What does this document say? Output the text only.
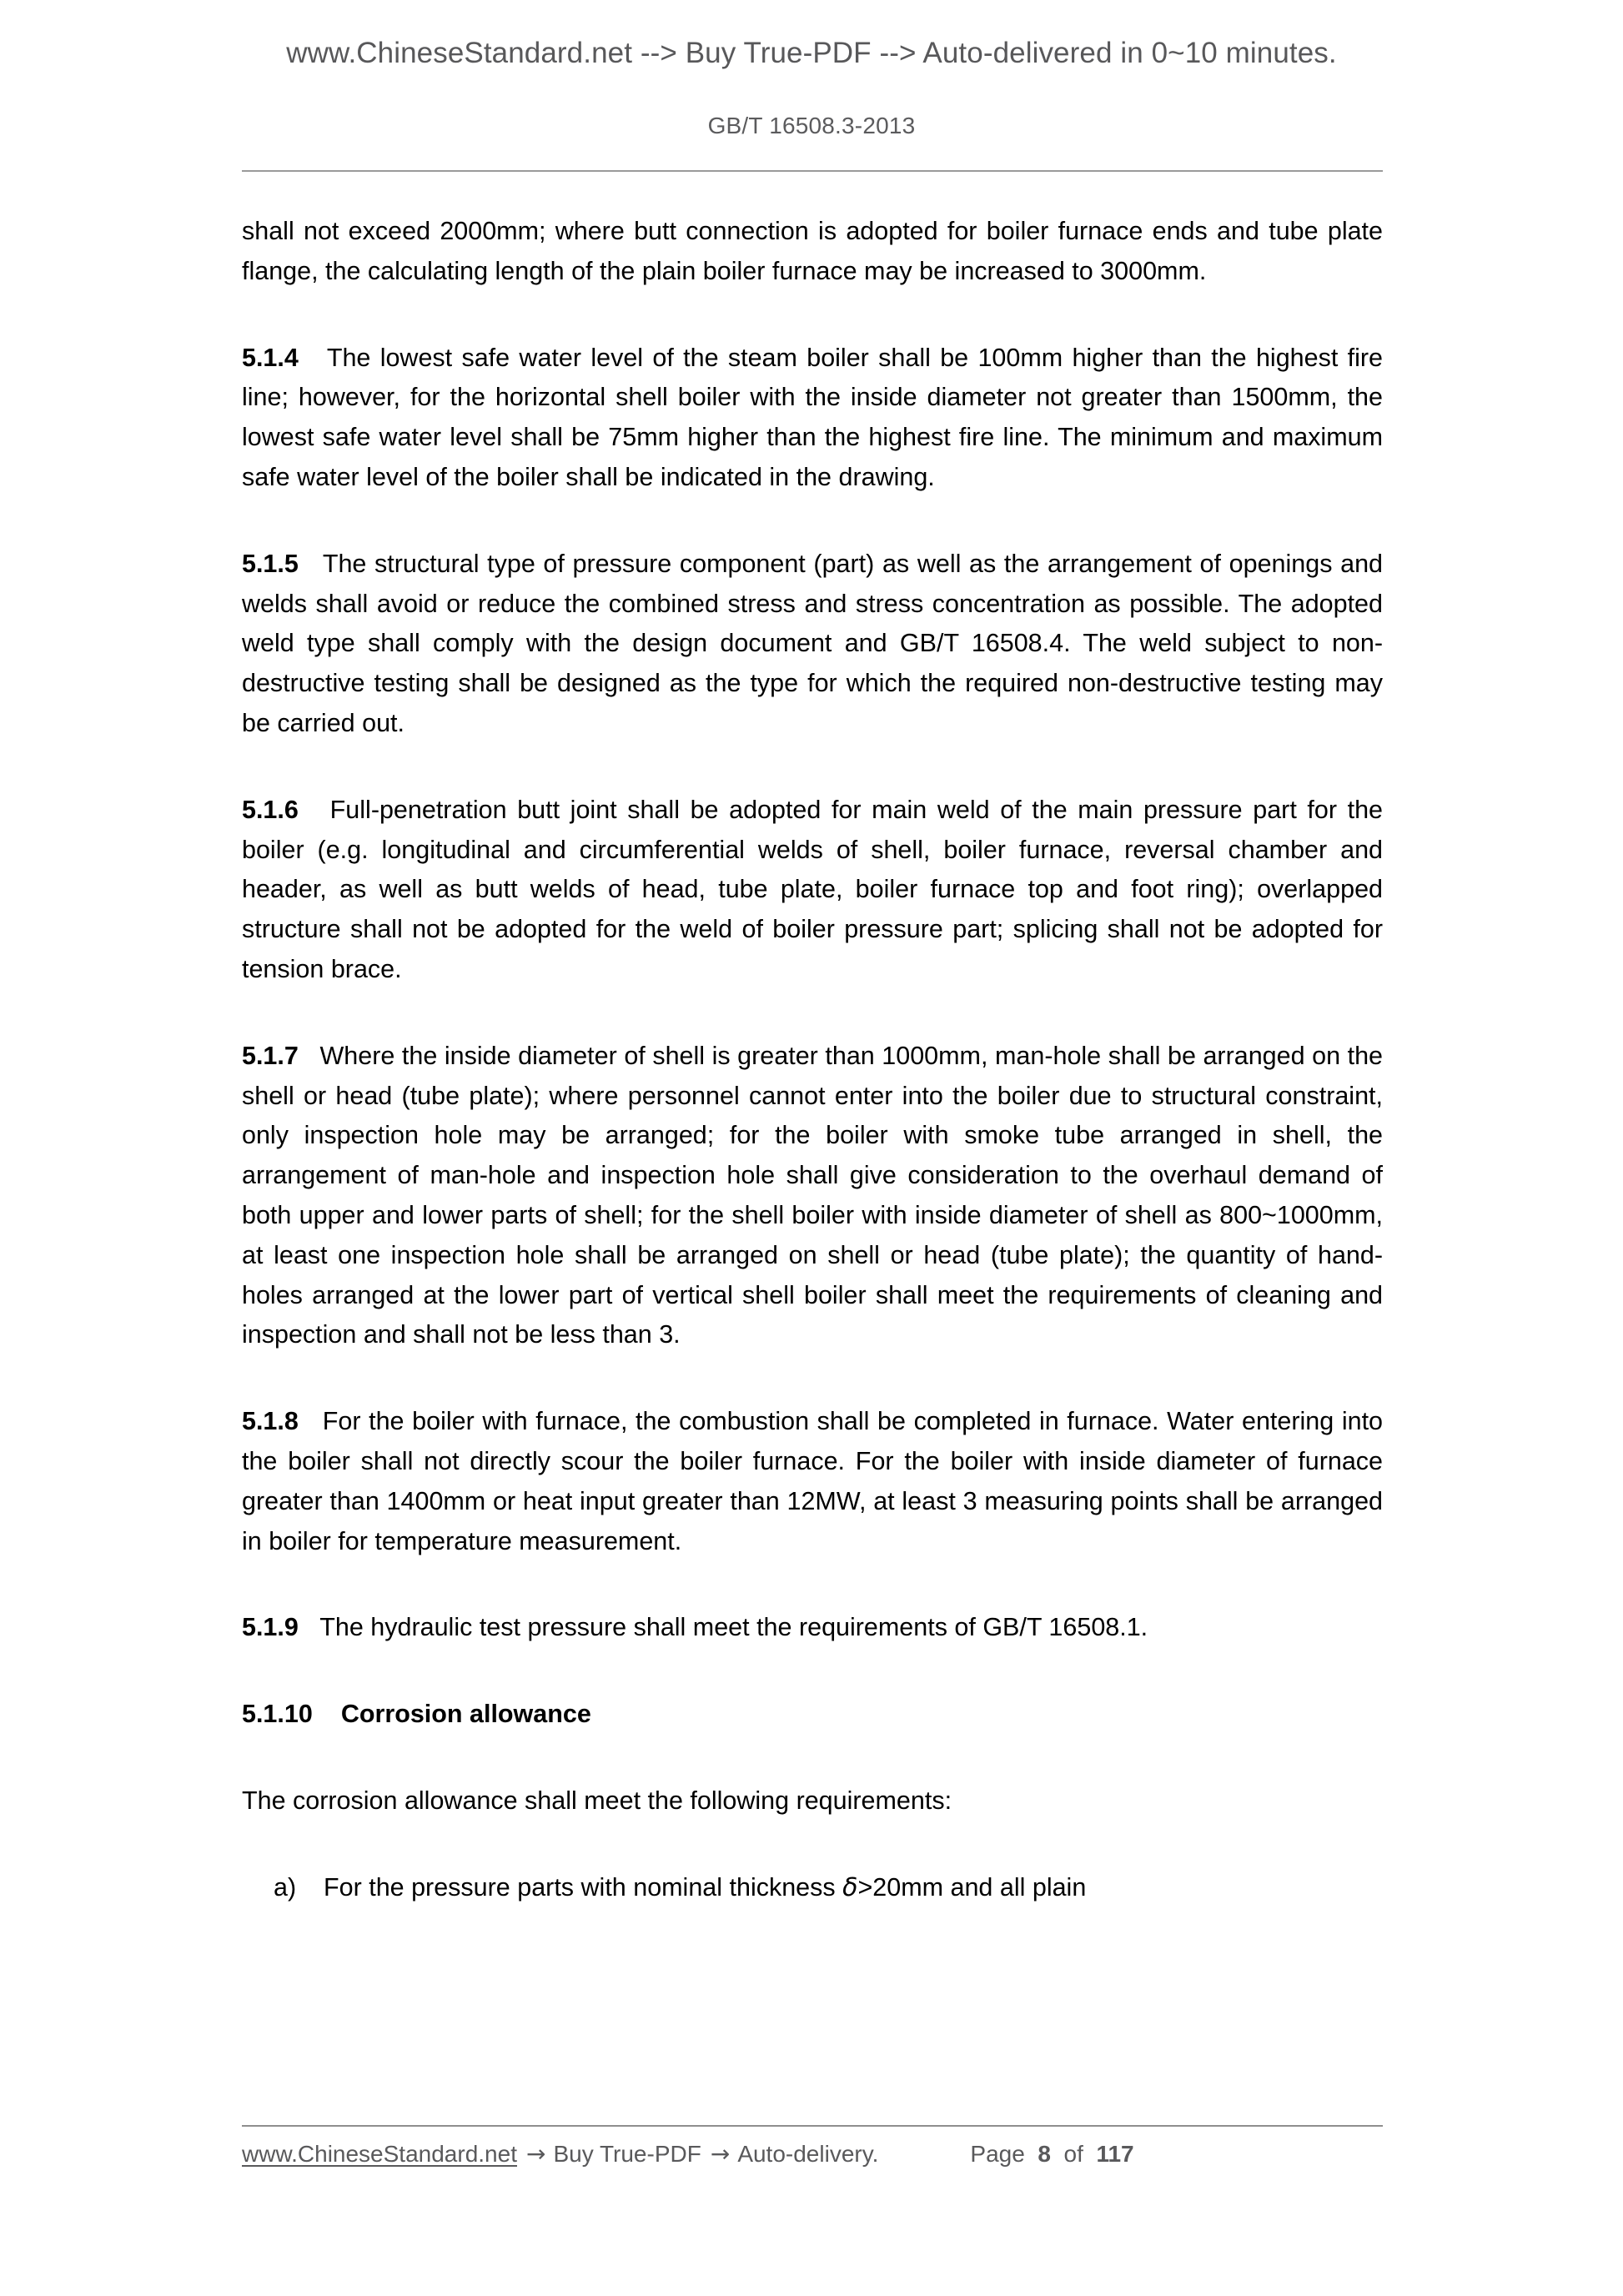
www.ChineseStandard.net --> Buy True-PDF --> Auto-delivered in 0~10 minutes.
GB/T 16508.3-2013

shall not exceed 2000mm; where butt connection is adopted for boiler furnace ends and tube plate flange, the calculating length of the plain boiler furnace may be increased to 3000mm.

5.1.4 The lowest safe water level of the steam boiler shall be 100mm higher than the highest fire line; however, for the horizontal shell boiler with the inside diameter not greater than 1500mm, the lowest safe water level shall be 75mm higher than the highest fire line. The minimum and maximum safe water level of the boiler shall be indicated in the drawing.

5.1.5 The structural type of pressure component (part) as well as the arrangement of openings and welds shall avoid or reduce the combined stress and stress concentration as possible. The adopted weld type shall comply with the design document and GB/T 16508.4. The weld subject to non-destructive testing shall be designed as the type for which the required non-destructive testing may be carried out.

5.1.6 Full-penetration butt joint shall be adopted for main weld of the main pressure part for the boiler (e.g. longitudinal and circumferential welds of shell, boiler furnace, reversal chamber and header, as well as butt welds of head, tube plate, boiler furnace top and foot ring); overlapped structure shall not be adopted for the weld of boiler pressure part; splicing shall not be adopted for tension brace.

5.1.7 Where the inside diameter of shell is greater than 1000mm, man-hole shall be arranged on the shell or head (tube plate); where personnel cannot enter into the boiler due to structural constraint, only inspection hole may be arranged; for the boiler with smoke tube arranged in shell, the arrangement of man-hole and inspection hole shall give consideration to the overhaul demand of both upper and lower parts of shell; for the shell boiler with inside diameter of shell as 800~1000mm, at least one inspection hole shall be arranged on shell or head (tube plate); the quantity of hand-holes arranged at the lower part of vertical shell boiler shall meet the requirements of cleaning and inspection and shall not be less than 3.

5.1.8 For the boiler with furnace, the combustion shall be completed in furnace. Water entering into the boiler shall not directly scour the boiler furnace. For the boiler with inside diameter of furnace greater than 1400mm or heat input greater than 12MW, at least 3 measuring points shall be arranged in boiler for temperature measurement.

5.1.9 The hydraulic test pressure shall meet the requirements of GB/T 16508.1.

5.1.10 Corrosion allowance

The corrosion allowance shall meet the following requirements:

a) For the pressure parts with nominal thickness δ>20mm and all plain

www.ChineseStandard.net → Buy True-PDF → Auto-delivery.	Page 8 of 117
